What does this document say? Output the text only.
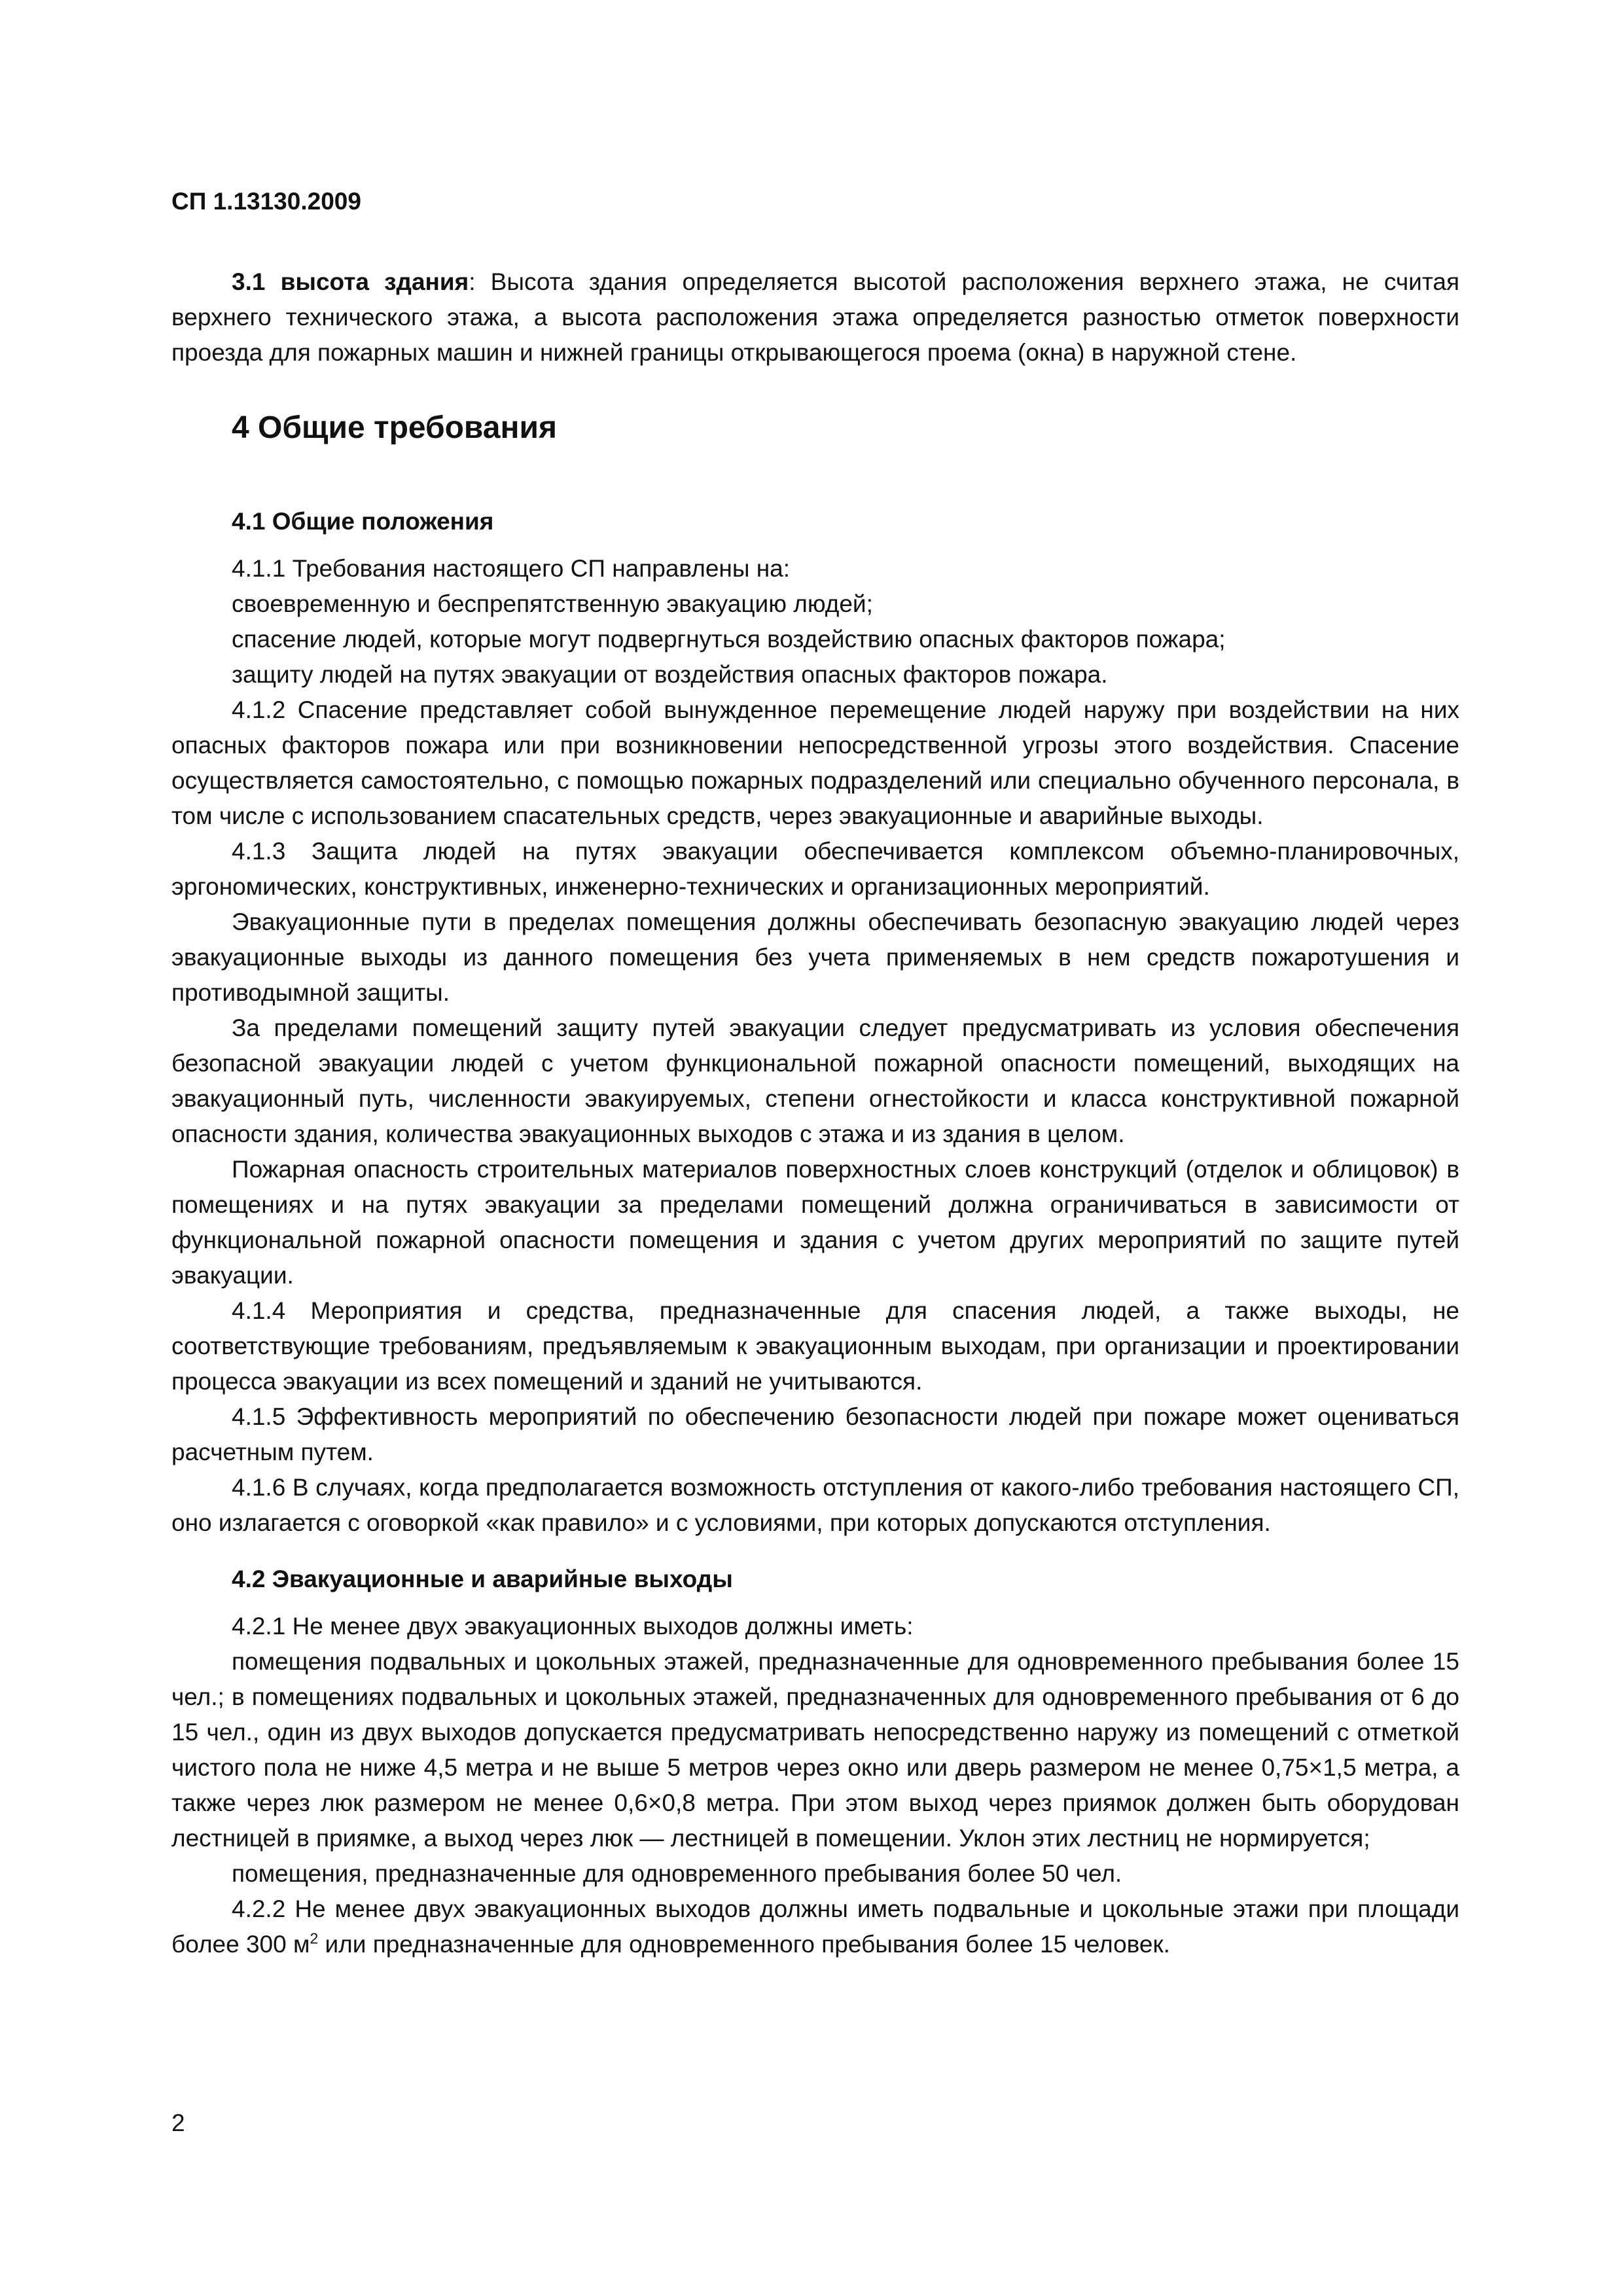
СП 1.13130.2009

3.1 высота здания: Высота здания определяется высотой расположения верхнего этажа, не считая верхнего технического этажа, а высота расположения этажа определяется разностью отметок поверхности проезда для пожарных машин и нижней границы открывающегося проема (окна) в наружной стене.

4 Общие требования
4.1 Общие положения

4.1.1 Требования настоящего СП направлены на:

своевременную и беспрепятственную эвакуацию людей;

спасение людей, которые могут подвергнуться воздействию опасных факторов пожара;

защиту людей на путях эвакуации от воздействия опасных факторов пожара.

4.1.2 Спасение представляет собой вынужденное перемещение людей наружу при воздействии на них опасных факторов пожара или при возникновении непосредственной угрозы этого воздействия. Спасение осуществляется самостоятельно, с помощью пожарных подразделений или специально обученного персонала, в том числе с использованием спасательных средств, через эвакуационные и аварийные выходы.

4.1.3 Защита людей на путях эвакуации обеспечивается комплексом объемно-планировочных, эргономических, конструктивных, инженерно-технических и организационных мероприятий.

Эвакуационные пути в пределах помещения должны обеспечивать безопасную эвакуацию людей через эвакуационные выходы из данного помещения без учета применяемых в нем средств пожаротушения и противодымной защиты.

За пределами помещений защиту путей эвакуации следует предусматривать из условия обеспечения безопасной эвакуации людей с учетом функциональной пожарной опасности помещений, выходящих на эвакуационный путь, численности эвакуируемых, степени огнестойкости и класса конструктивной пожарной опасности здания, количества эвакуационных выходов с этажа и из здания в целом.

Пожарная опасность строительных материалов поверхностных слоев конструкций (отделок и облицовок) в помещениях и на путях эвакуации за пределами помещений должна ограничиваться в зависимости от функциональной пожарной опасности помещения и здания с учетом других мероприятий по защите путей эвакуации.

4.1.4 Мероприятия и средства, предназначенные для спасения людей, а также выходы, не соответствующие требованиям, предъявляемым к эвакуационным выходам, при организации и проектировании процесса эвакуации из всех помещений и зданий не учитываются.

4.1.5 Эффективность мероприятий по обеспечению безопасности людей при пожаре может оцениваться расчетным путем.

4.1.6 В случаях, когда предполагается возможность отступления от какого-либо требования настоящего СП, оно излагается с оговоркой «как правило» и с условиями, при которых допускаются отступления.

4.2 Эвакуационные и аварийные выходы

4.2.1 Не менее двух эвакуационных выходов должны иметь:

помещения подвальных и цокольных этажей, предназначенные для одновременного пребывания более 15 чел.; в помещениях подвальных и цокольных этажей, предназначенных для одновременного пребывания от 6 до 15 чел., один из двух выходов допускается предусматривать непосредственно наружу из помещений с отметкой чистого пола не ниже 4,5 метра и не выше 5 метров через окно или дверь размером не менее 0,75×1,5 метра, а также через люк размером не менее 0,6×0,8 метра. При этом выход через приямок должен быть оборудован лестницей в приямке, а выход через люк — лестницей в помещении. Уклон этих лестниц не нормируется;

помещения, предназначенные для одновременного пребывания более 50 чел.

4.2.2 Не менее двух эвакуационных выходов должны иметь подвальные и цокольные этажи при площади более 300 $м^2$ или предназначенные для одновременного пребывания более 15 человек.

2
